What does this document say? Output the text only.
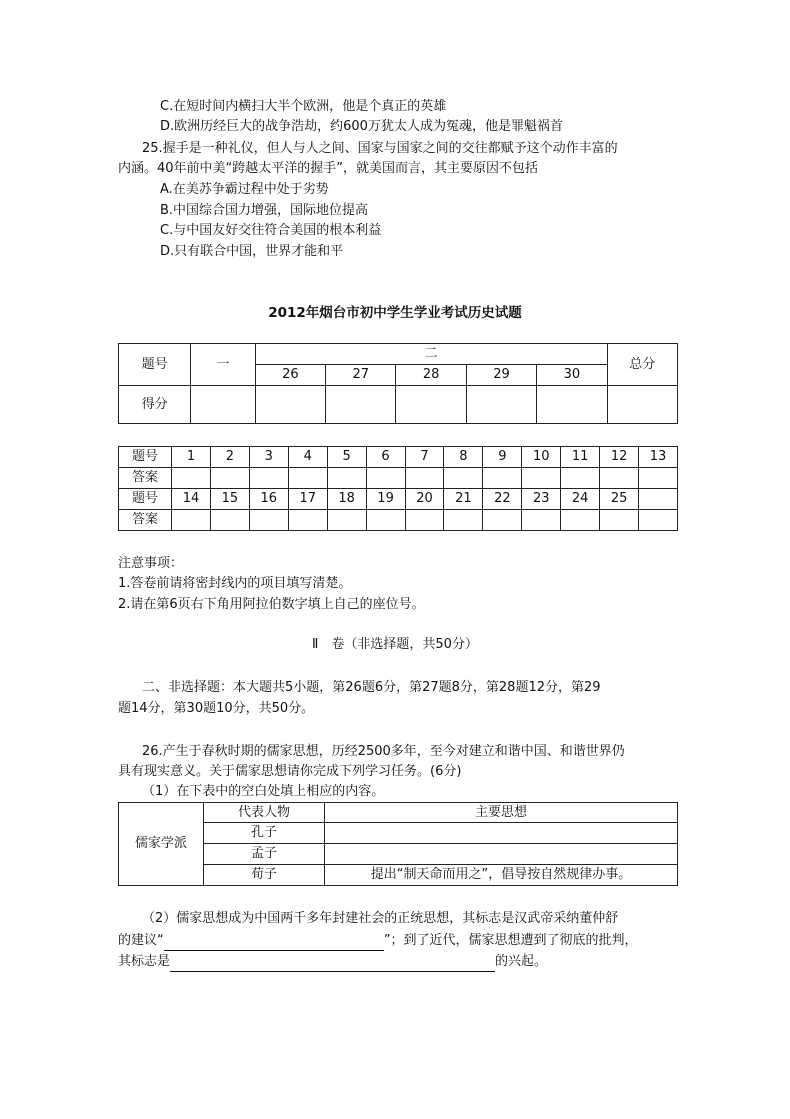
C.在短时间内横扫大半个欧洲，他是个真正的英雄
D.欧洲历经巨大的战争浩劫，约600万犹太人成为冤魂，他是罪魁祸首
25.握手是一种礼仪，但人与人之间、国家与国家之间的交往都赋予这个动作丰富的
内涵。40年前中美“跨越太平洋的握手”，就美国而言，其主要原因不包括
A.在美苏争霸过程中处于劣势
B.中国综合国力增强，国际地位提高
C.与中国友好交往符合美国的根本利益
D.只有联合中国，世界才能和平
2012年烟台市初中学生学业考试历史试题
题号	一	二					总分
		26	27	28	29	30	
得分							
题号	1	2	3	4	5	6	7	8	9	10	11	12	13
答案													
题号	14	15	16	17	18	19	20	21	22	23	24	25	
答案													
注意事项：
1.答卷前请将密封线内的项目填写清楚。
2.请在第6页右下角用阿拉伯数字填上自己的座位号。
Ⅱ　卷（非选择题，共50分）
二、非选择题：本大题共5小题，第26题6分，第27题8分，第28题12分，第29
题14分，第30题10分，共50分。
26.产生于春秋时期的儒家思想，历经2500多年，至今对建立和谐中国、和谐世界仍
具有现实意义。关于儒家思想请你完成下列学习任务。(6分)
（1）在下表中的空白处填上相应的内容。
儒家学派	代表人物	主要思想
	孔子	
	孟子	
	荀子	提出“制天命而用之”，倡导按自然规律办事。
（2）儒家思想成为中国两千多年封建社会的正统思想，其标志是汉武帝采纳董仲舒
的建议“	”；到了近代，儒家思想遭到了彻底的批判，
其标志是	的兴起。
